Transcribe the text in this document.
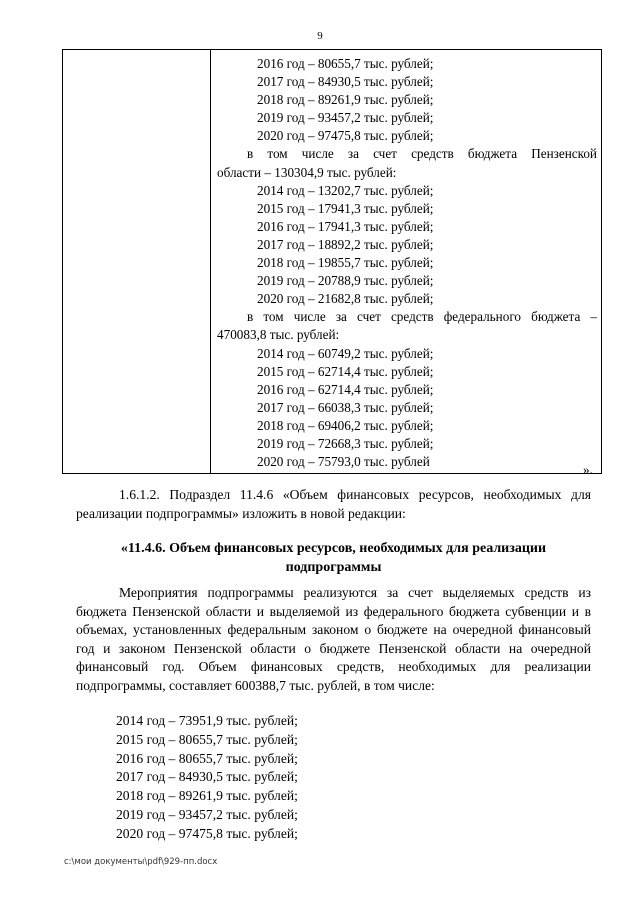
9

2016 год – 80655,7 тыс. рублей;
2017 год – 84930,5 тыс. рублей;
2018 год – 89261,9 тыс. рублей;
2019 год – 93457,2 тыс. рублей;
2020 год – 97475,8 тыс. рублей;
в том числе за счет средств бюджета Пензенской
области – 130304,9 тыс. рублей:
2014 год – 13202,7 тыс. рублей;
2015 год – 17941,3 тыс. рублей;
2016 год – 17941,3 тыс. рублей;
2017 год – 18892,2 тыс. рублей;
2018 год – 19855,7 тыс. рублей;
2019 год – 20788,9 тыс. рублей;
2020 год – 21682,8 тыс. рублей;
в том числе за счет средств федерального бюджета –
470083,8 тыс. рублей:
2014 год – 60749,2 тыс. рублей;
2015 год – 62714,4 тыс. рублей;
2016 год – 62714,4 тыс. рублей;
2017 год – 66038,3 тыс. рублей;
2018 год – 69406,2 тыс. рублей;
2019 год – 72668,3 тыс. рублей;
2020 год – 75793,0 тыс. рублей
».
1.6.1.2. Подраздел 11.4.6 «Объем финансовых ресурсов, необходимых для реализации подпрограммы» изложить в новой редакции:
«11.4.6. Объем финансовых ресурсов, необходимых для реализации
подпрограммы
Мероприятия подпрограммы реализуются за счет выделяемых средств из бюджета Пензенской области и выделяемой из федерального бюджета субвенции и в объемах, установленных федеральным законом о бюджете на очередной финансовый год и законом Пензенской области о бюджете Пензенской области на очередной финансовый год. Объем финансовых средств, необходимых для реализации подпрограммы, составляет 600388,7 тыс. рублей, в том числе:
2014 год – 73951,9 тыс. рублей;
2015 год – 80655,7 тыс. рублей;
2016 год – 80655,7 тыс. рублей;
2017 год – 84930,5 тыс. рублей;
2018 год – 89261,9 тыс. рублей;
2019 год – 93457,2 тыс. рублей;
2020 год – 97475,8 тыс. рублей;
c:\мои документы\pdf\929-пп.docx
